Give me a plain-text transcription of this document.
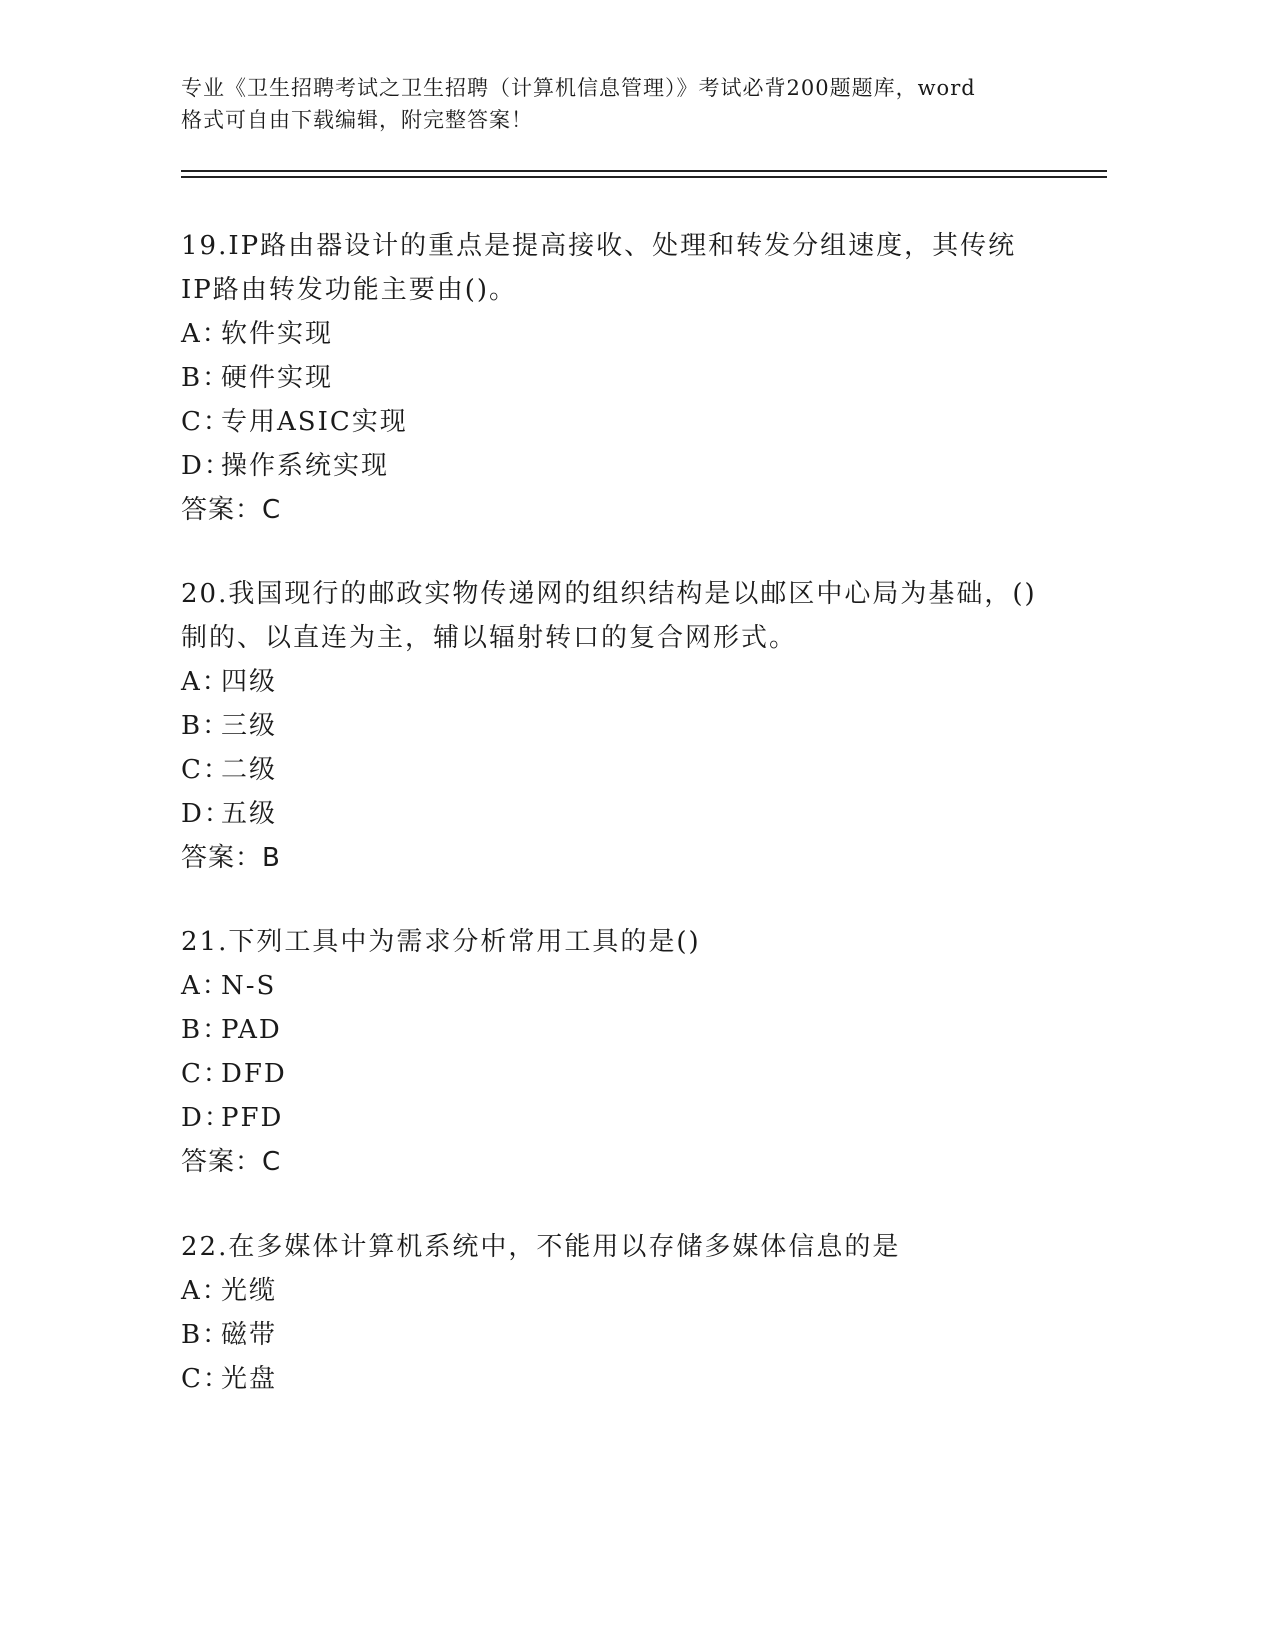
专业《卫生招聘考试之卫生招聘（计算机信息管理）》考试必背200题题库，word
格式可自由下载编辑，附完整答案！

19.IP路由器设计的重点是提高接收、处理和转发分组速度，其传统

IP路由转发功能主要由()。

A：
软件实现

B：
硬件实现

C：
专用ASIC实现

D：
操作系统实现

答案：C

20.我国现行的邮政实物传递网的组织结构是以邮区中心局为基础，()

制的、以直连为主，辅以辐射转口的复合网形式。

A：
四级

B：
三级

C：
二级

D：
五级

答案：B

21.下列工具中为需求分析常用工具的是()

A：
N-S

B：
PAD

C：
DFD

D：
PFD

答案：C

22.在多媒体计算机系统中，不能用以存储多媒体信息的是

A：
光缆

B：
磁带

C：
光盘
